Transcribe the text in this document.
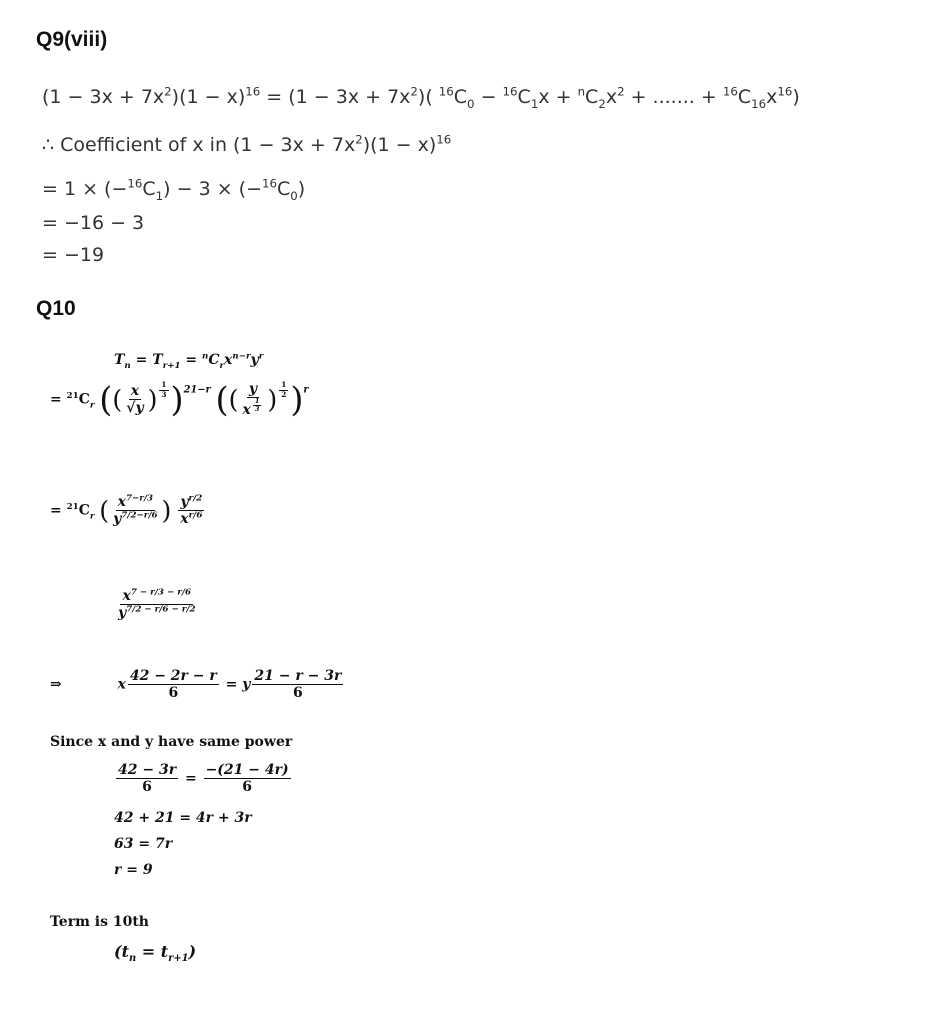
Q9(viii)
$(1 - 3x + 7x^2)(1 - x)^{16} = (1 - 3x + 7x^2)$( $^{16}C_0 - ^{16}C_1x + ^nC_2x^2$ + ....... + $^{16}C_{16}x^{16}$)
∴ Coefficient of x in $(1 - 3x + 7x^2)(1 - x)^{16}$
= $1 \times (-^{16}C_1) - 3 \times (-^{16}C_0)$
= −16 − 3
= −19
Q10
$T_n = T_{r+1} = ^nC_rx^{n-r}y^r$
= $^{21}C_r$ (( $\frac{x}{√y}$ ) $^{\frac{1}{3}}$ )$^{21-r}$ (( y
x $^{\frac{1}{3}}$ ) $^{\frac{1}{2}}$ )$^r$
= $^{21}C_r$ ( $\frac{x^{7-r/3}}{y^{7/2-r/6}}$ ) $\frac{y^{r/2}}{x^{r/6}}$
$\frac{x^{7 - r/3 - r/6}}{y^{7/2 - r/6 - r/2}}$
⇒	x $\frac{42 - 2r - r}{6} = y \frac{21 - r - 3r}{6}$
Since x and y have same power
$\frac{42 - 3r}{6} = \frac{-(21 - 4r)}{6}$
42 + 21 = 4r + 3r
63 = 7r
r = 9
Term is 10th
$(t_n = t_{r+1})$
